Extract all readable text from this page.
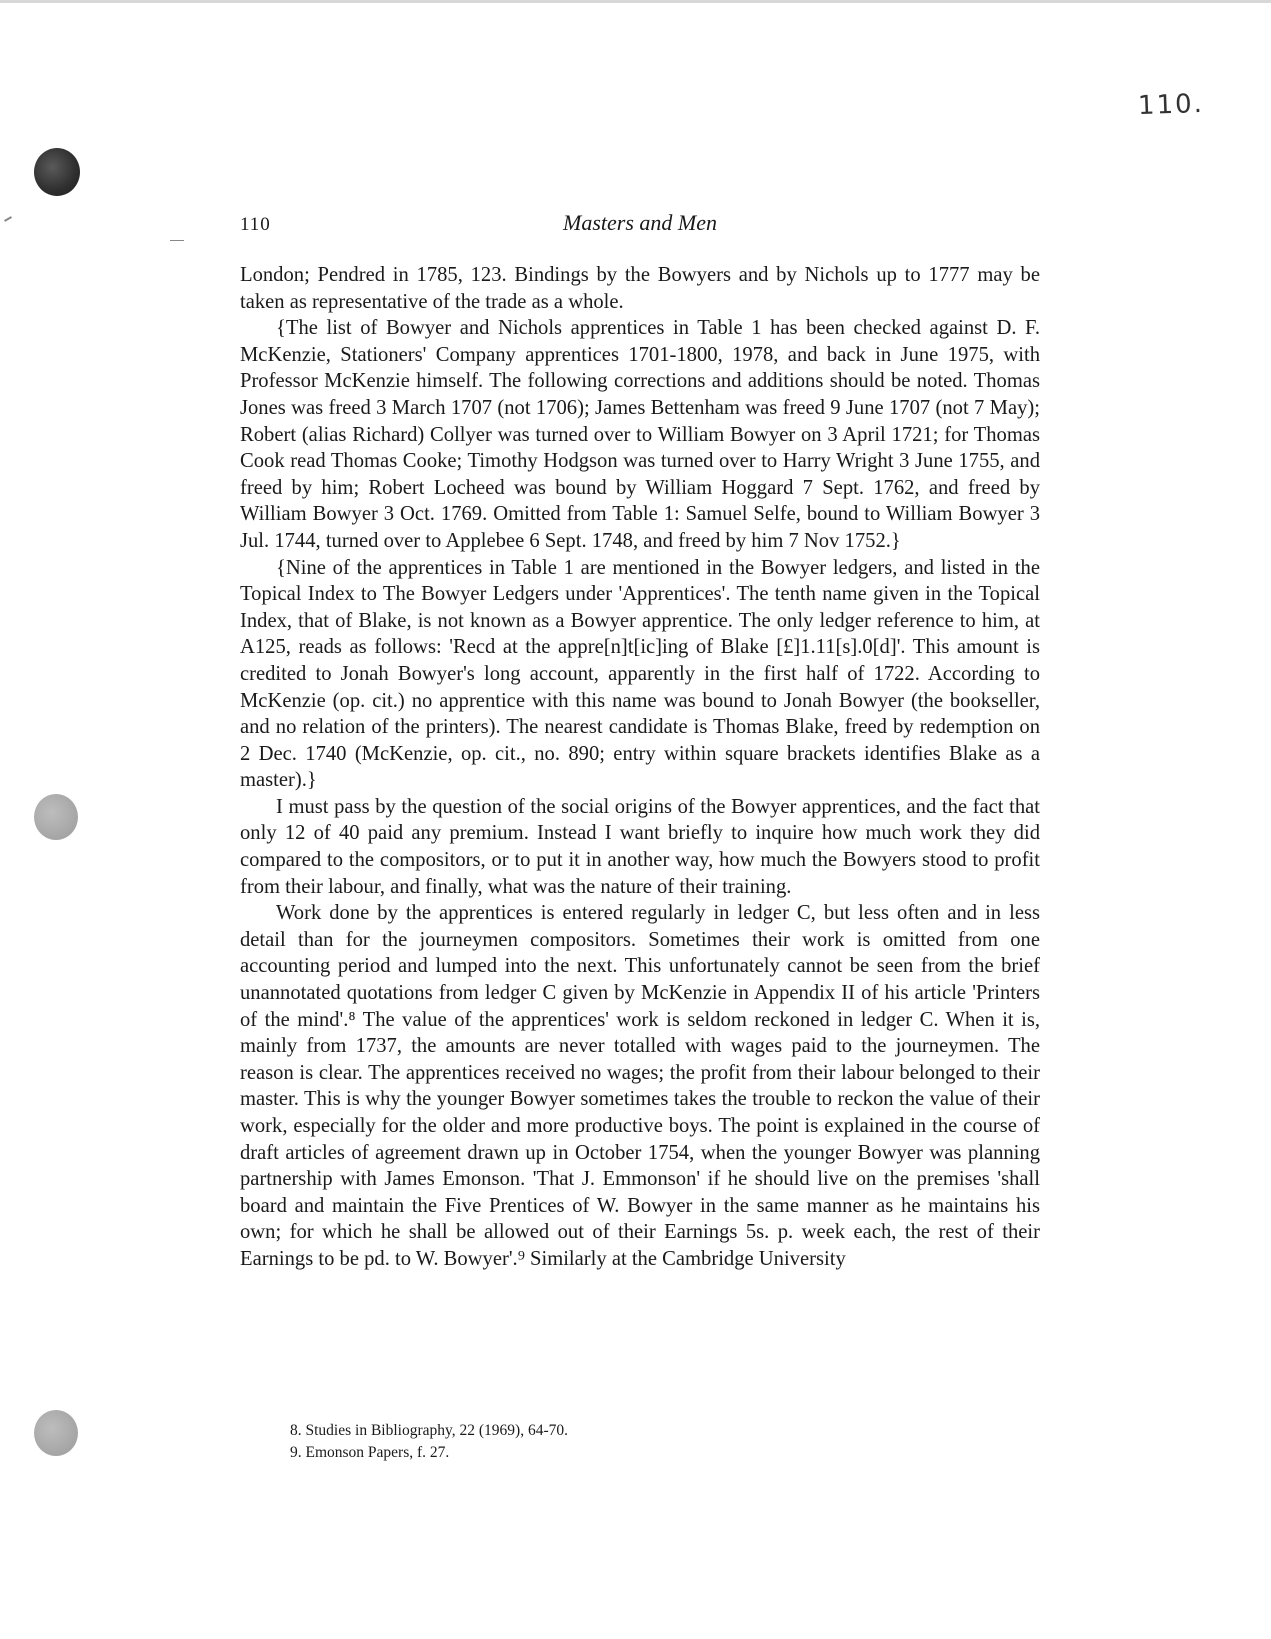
110.
110	Masters and Men

London; Pendred in 1785, 123. Bindings by the Bowyers and by Nichols up to 1777 may be taken as representative of the trade as a whole.

{The list of Bowyer and Nichols apprentices in Table 1 has been checked against D. F. McKenzie, Stationers' Company apprentices 1701-1800, 1978, and back in June 1975, with Professor McKenzie himself. The following corrections and additions should be noted. Thomas Jones was freed 3 March 1707 (not 1706); James Bettenham was freed 9 June 1707 (not 7 May); Robert (alias Richard) Collyer was turned over to William Bowyer on 3 April 1721; for Thomas Cook read Thomas Cooke; Timothy Hodgson was turned over to Harry Wright 3 June 1755, and freed by him; Robert Locheed was bound by William Hoggard 7 Sept. 1762, and freed by William Bowyer 3 Oct. 1769. Omitted from Table 1: Samuel Selfe, bound to William Bowyer 3 Jul. 1744, turned over to Applebee 6 Sept. 1748, and freed by him 7 Nov 1752.}

{Nine of the apprentices in Table 1 are mentioned in the Bowyer ledgers, and listed in the Topical Index to The Bowyer Ledgers under 'Apprentices'. The tenth name given in the Topical Index, that of Blake, is not known as a Bowyer apprentice. The only ledger reference to him, at A125, reads as follows: 'Recd at the appre[n]t[ic]ing of Blake [£]1.11[s].0[d]'. This amount is credited to Jonah Bowyer's long account, apparently in the first half of 1722. According to McKenzie (op. cit.) no apprentice with this name was bound to Jonah Bowyer (the bookseller, and no relation of the printers). The nearest candidate is Thomas Blake, freed by redemption on 2 Dec. 1740 (McKenzie, op. cit., no. 890; entry within square brackets identifies Blake as a master).}

I must pass by the question of the social origins of the Bowyer apprentices, and the fact that only 12 of 40 paid any premium. Instead I want briefly to inquire how much work they did compared to the compositors, or to put it in another way, how much the Bowyers stood to profit from their labour, and finally, what was the nature of their training.

Work done by the apprentices is entered regularly in ledger C, but less often and in less detail than for the journeymen compositors. Sometimes their work is omitted from one accounting period and lumped into the next. This unfortunately cannot be seen from the brief unannotated quotations from ledger C given by McKenzie in Appendix II of his article 'Printers of the mind'.⁸ The value of the apprentices' work is seldom reckoned in ledger C. When it is, mainly from 1737, the amounts are never totalled with wages paid to the journeymen. The reason is clear. The apprentices received no wages; the profit from their labour belonged to their master. This is why the younger Bowyer sometimes takes the trouble to reckon the value of their work, especially for the older and more productive boys. The point is explained in the course of draft articles of agreement drawn up in October 1754, when the younger Bowyer was planning partnership with James Emonson. 'That J. Emmonson' if he should live on the premises 'shall board and maintain the Five Prentices of W. Bowyer in the same manner as he maintains his own; for which he shall be allowed out of their Earnings 5s. p. week each, the rest of their Earnings to be pd. to W. Bowyer'.⁹ Similarly at the Cambridge University

8. Studies in Bibliography, 22 (1969), 64-70.
9. Emonson Papers, f. 27.
